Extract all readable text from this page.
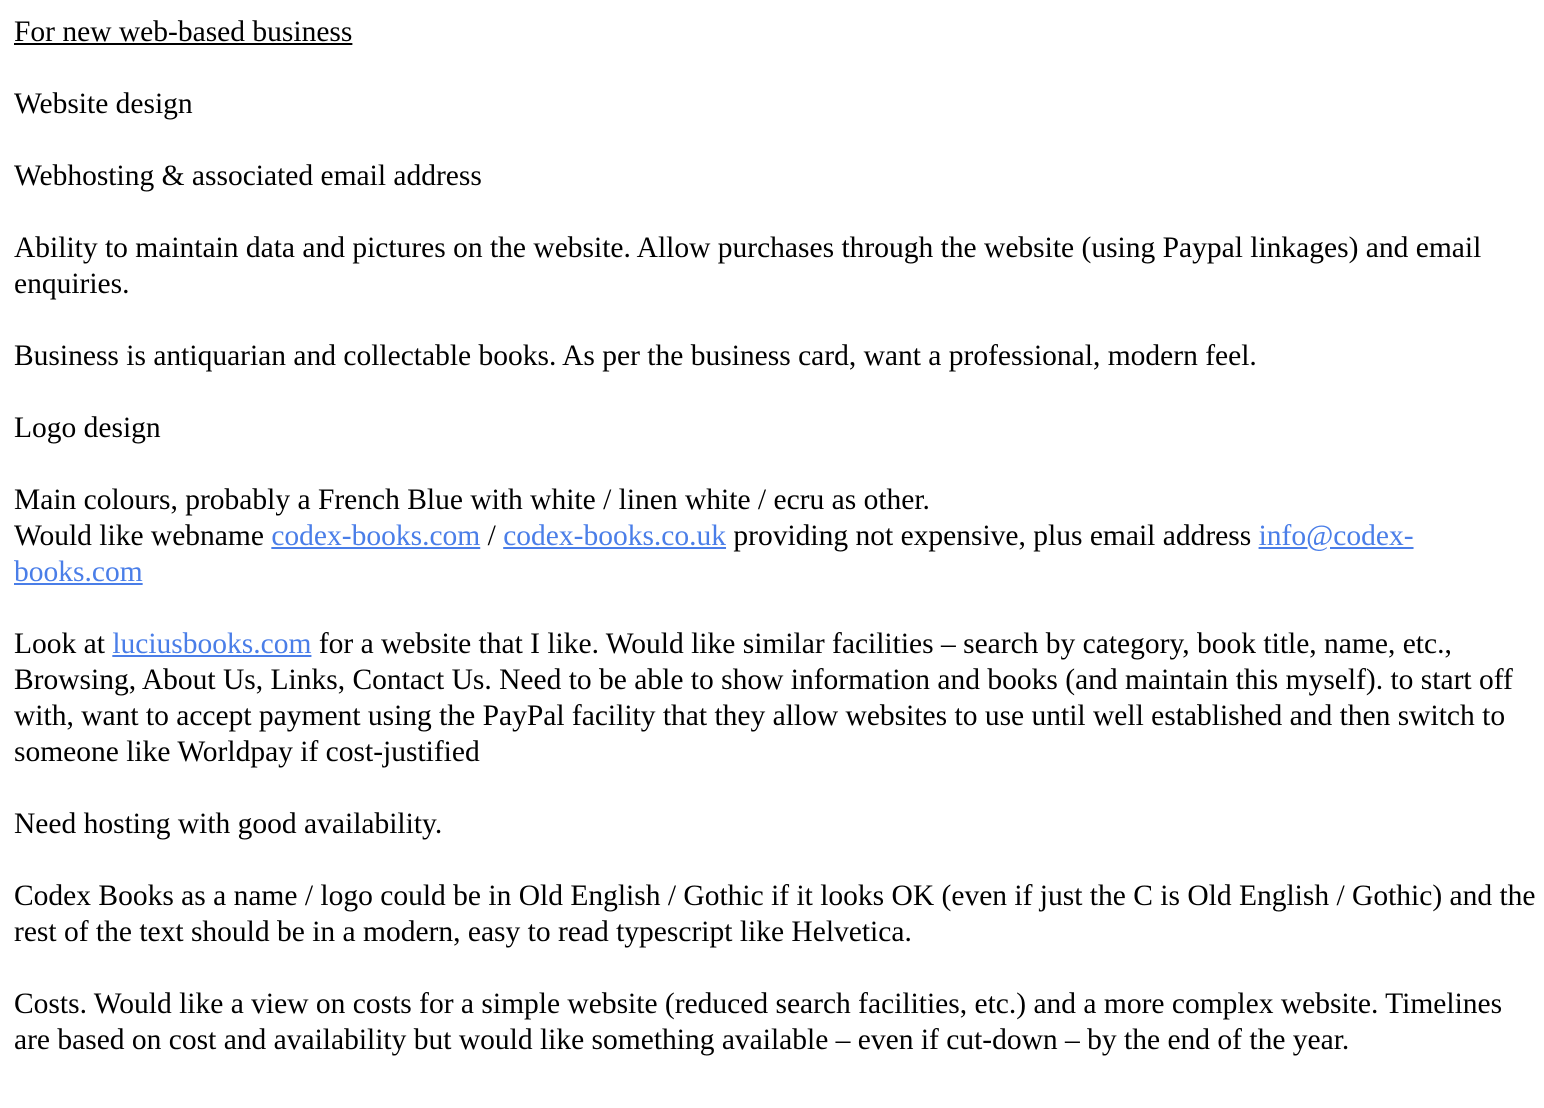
For new web-based business

Website design

Webhosting & associated email address

Ability to maintain data and pictures on the website. Allow purchases through the website (using Paypal linkages) and email enquiries.

Business is antiquarian and collectable books. As per the business card, want a professional, modern feel.

Logo design

Main colours, probably a French Blue with white / linen white / ecru as other.

Would like webname codex-books.com / codex-books.co.uk providing not expensive, plus email address info@codex-books.com

Look at luciusbooks.com for a website that I like. Would like similar facilities – search by category, book title, name, etc., Browsing, About Us, Links, Contact Us. Need to be able to show information and books (and maintain this myself). to start off with, want to accept payment using the PayPal facility that they allow websites to use until well established and then switch to someone like Worldpay if cost-justified

Need hosting with good availability.

Codex Books as a name / logo could be in Old English / Gothic if it looks OK (even if just the C is Old English / Gothic) and the rest of the text should be in a modern, easy to read typescript like Helvetica.

Costs. Would like a view on costs for a simple website (reduced search facilities, etc.) and a more complex website. Timelines are based on cost and availability but would like something available – even if cut-down – by the end of the year.
